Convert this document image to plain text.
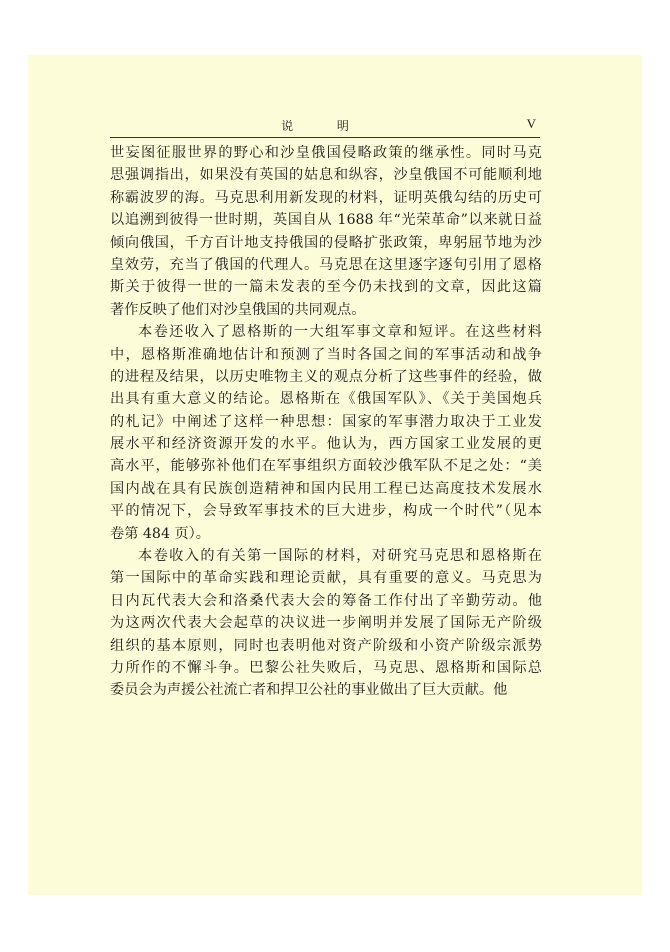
说 明	V
世妄图征服世界的野心和沙皇俄国侵略政策的继承性。同时马克
思强调指出，如果没有英国的姑息和纵容，沙皇俄国不可能顺利地
称霸波罗的海。马克思利用新发现的材料，证明英俄勾结的历史可
以追溯到彼得一世时期，英国自从 1688 年“光荣革命”以来就日益
倾向俄国，千方百计地支持俄国的侵略扩张政策，卑躬屈节地为沙
皇效劳，充当了俄国的代理人。马克思在这里逐字逐句引用了恩格
斯关于彼得一世的一篇未发表的至今仍未找到的文章，因此这篇
著作反映了他们对沙皇俄国的共同观点。
本卷还收入了恩格斯的一大组军事文章和短评。在这些材料
中，恩格斯准确地估计和预测了当时各国之间的军事活动和战争
的进程及结果，以历史唯物主义的观点分析了这些事件的经验，做
出具有重大意义的结论。恩格斯在《俄国军队》、《关于美国炮兵
的札记》中阐述了这样一种思想：国家的军事潜力取决于工业发
展水平和经济资源开发的水平。他认为，西方国家工业发展的更
高水平，能够弥补他们在军事组织方面较沙俄军队不足之处：“美
国内战在具有民族创造精神和国内民用工程已达高度技术发展水
平的情况下，会导致军事技术的巨大进步，构成一个时代”（见本
卷第 484 页）。
本卷收入的有关第一国际的材料，对研究马克思和恩格斯在
第一国际中的革命实践和理论贡献，具有重要的意义。马克思为
日内瓦代表大会和洛桑代表大会的筹备工作付出了辛勤劳动。他
为这两次代表大会起草的决议进一步阐明并发展了国际无产阶级
组织的基本原则，同时也表明他对资产阶级和小资产阶级宗派势
力所作的不懈斗争。巴黎公社失败后，马克思、恩格斯和国际总
委员会为声援公社流亡者和捍卫公社的事业做出了巨大贡献。他
